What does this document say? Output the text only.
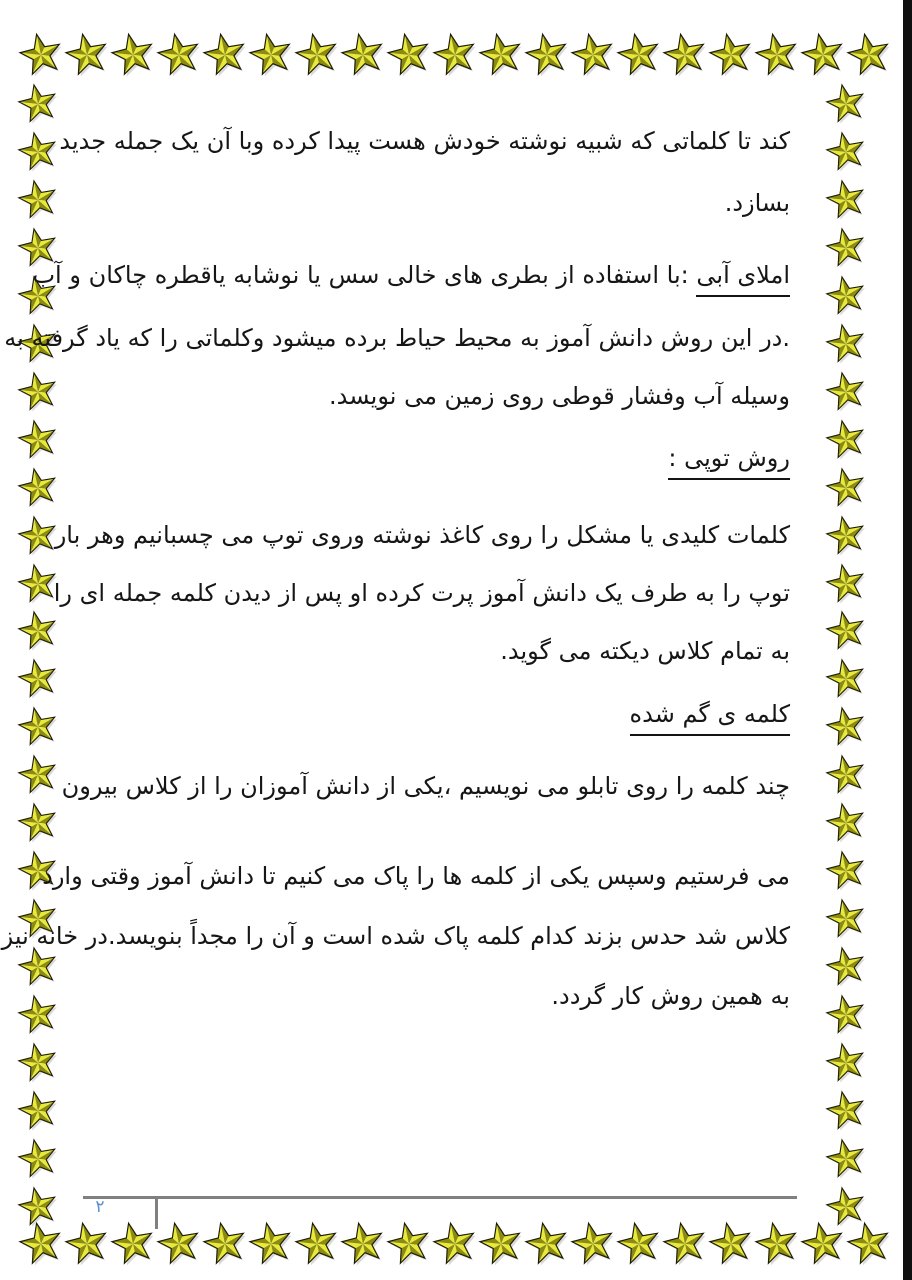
کند تا کلماتی که شبیه نوشته خودش هست پیدا کرده وبا آن یک جمله جدید
بسازد.
املای آبی :با استفاده از بطری های خالی سس یا نوشابه یاقطره چاکان و آب
.در این روش دانش آموز به محیط حیاط برده میشود وکلماتی را که یاد گرفته به
وسیله آب وفشار قوطی روی زمین می نویسد.
روش توپی :
کلمات کلیدی یا مشکل را روی کاغذ نوشته وروی توپ می چسبانیم وهر بار
توپ را به طرف یک دانش آموز پرت کرده او پس از دیدن کلمه جمله ای را
به تمام کلاس دیکته می گوید.
کلمه ی گم شده
چند کلمه را روی تابلو می نویسیم ،یکی از دانش آموزان را از کلاس بیرون
می فرستیم وسپس یکی از کلمه ها را پاک می کنیم تا دانش آموز وقتی وارد
کلاس شد حدس بزند کدام کلمه پاک شده است و آن را مجداً بنویسد.در خانه نیز
به همین روش کار گردد.
۲
